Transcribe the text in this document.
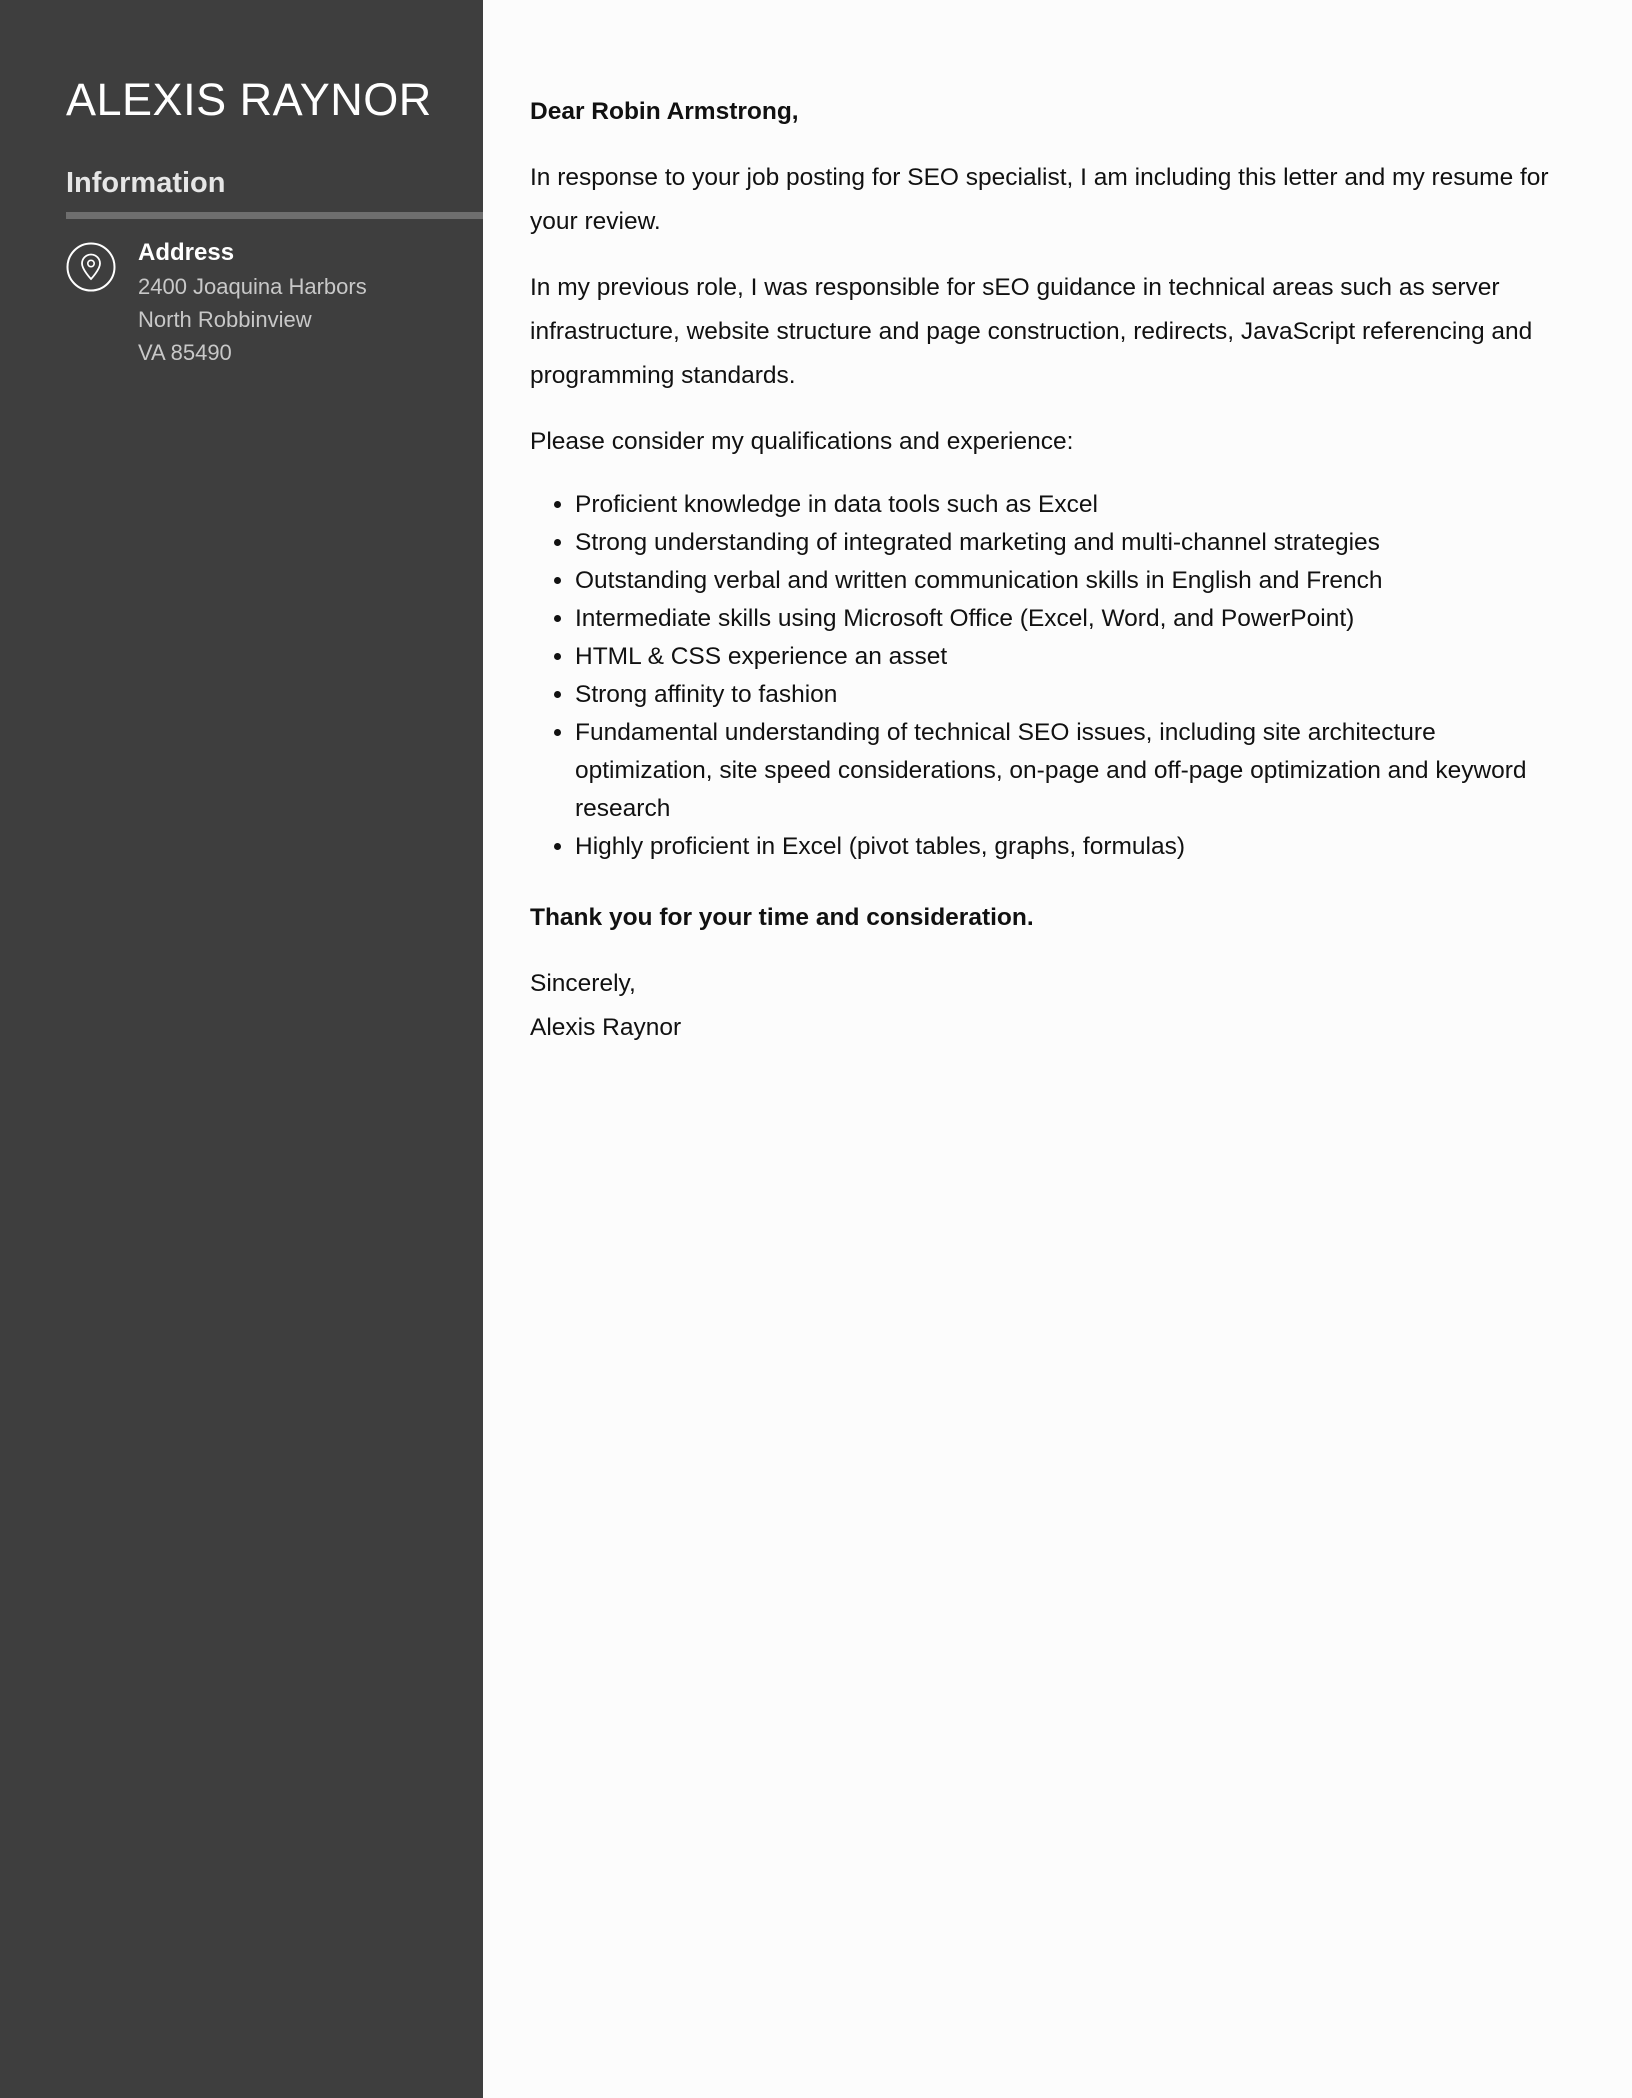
ALEXIS RAYNOR
Information
Address
2400 Joaquina Harbors
North Robbinview
VA 85490

Dear Robin Armstrong,

In response to your job posting for SEO specialist, I am including this letter and my resume for your review.

In my previous role, I was responsible for sEO guidance in technical areas such as server infrastructure, website structure and page construction, redirects, JavaScript referencing and programming standards.

Please consider my qualifications and experience:

• Proficient knowledge in data tools such as Excel
• Strong understanding of integrated marketing and multi-channel strategies
• Outstanding verbal and written communication skills in English and French
• Intermediate skills using Microsoft Office (Excel, Word, and PowerPoint)
• HTML & CSS experience an asset
• Strong affinity to fashion
• Fundamental understanding of technical SEO issues, including site architecture optimization, site speed considerations, on-page and off-page optimization and keyword research
• Highly proficient in Excel (pivot tables, graphs, formulas)

Thank you for your time and consideration.

Sincerely,

Alexis Raynor
